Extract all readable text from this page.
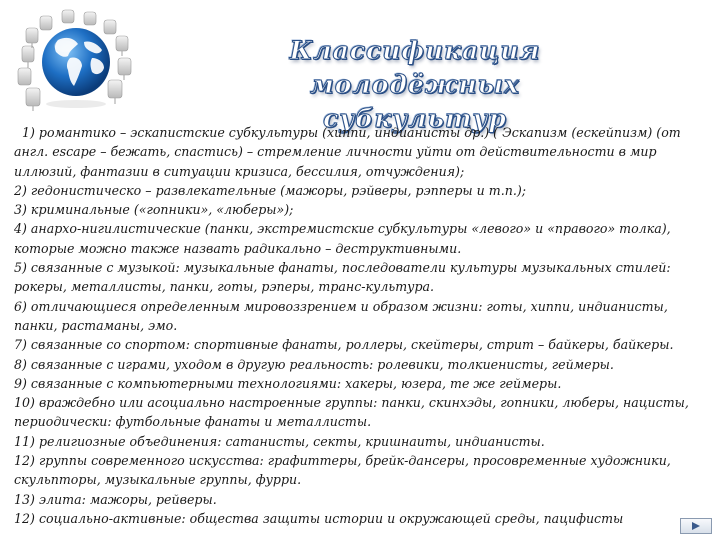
Классификация молодёжных
субкультур

1) романтико – эскапистские субкультуры (хиппи, индианисты др.) ( Эскапизм (ескейпизм) (от англ. escape – бежать, спастись) – стремление личности уйти от действительности в мир иллюзий, фантазии в ситуации кризиса, бессилия, отчуждения);

2) гедонистическо – развлекательные (мажоры, рэйверы, рэпперы и т.п.);

3) криминальные («гопники», «люберы»);

4) анархо-нигилистические (панки, экстремистские субкультуры «левого» и «правого» толка), которые можно также назвать радикально – деструктивными.

5) связанные с музыкой: музыкальные фанаты, последователи культуры музыкальных стилей: рокеры, металлисты, панки, готы, рэперы, транс-культура.

6) отличающиеся определенным мировоззрением и образом жизни: готы, хиппи, индианисты, панки, растаманы, эмо.

7) связанные со спортом: спортивные фанаты, роллеры, скейтеры, стрит – байкеры, байкеры.

8) связанные с играми, уходом в другую реальность: ролевики, толкиенисты, геймеры.

9) связанные с компьютерными технологиями: хакеры, юзера, те же геймеры.

10) враждебно или асоциально настроенные группы: панки, скинхэды, гопники, люберы, нацисты, периодически: футбольные фанаты и металлисты.

11) религиозные объединения: сатанисты, секты, кришнаиты, индианисты.

12) группы современного искусства: графиттеры, брейк-дансеры, просовременные художники, скульпторы, музыкальные группы, фурри.

13) элита: мажоры, рейверы.

12) социально-активные: общества защиты истории и окружающей среды, пацифисты
